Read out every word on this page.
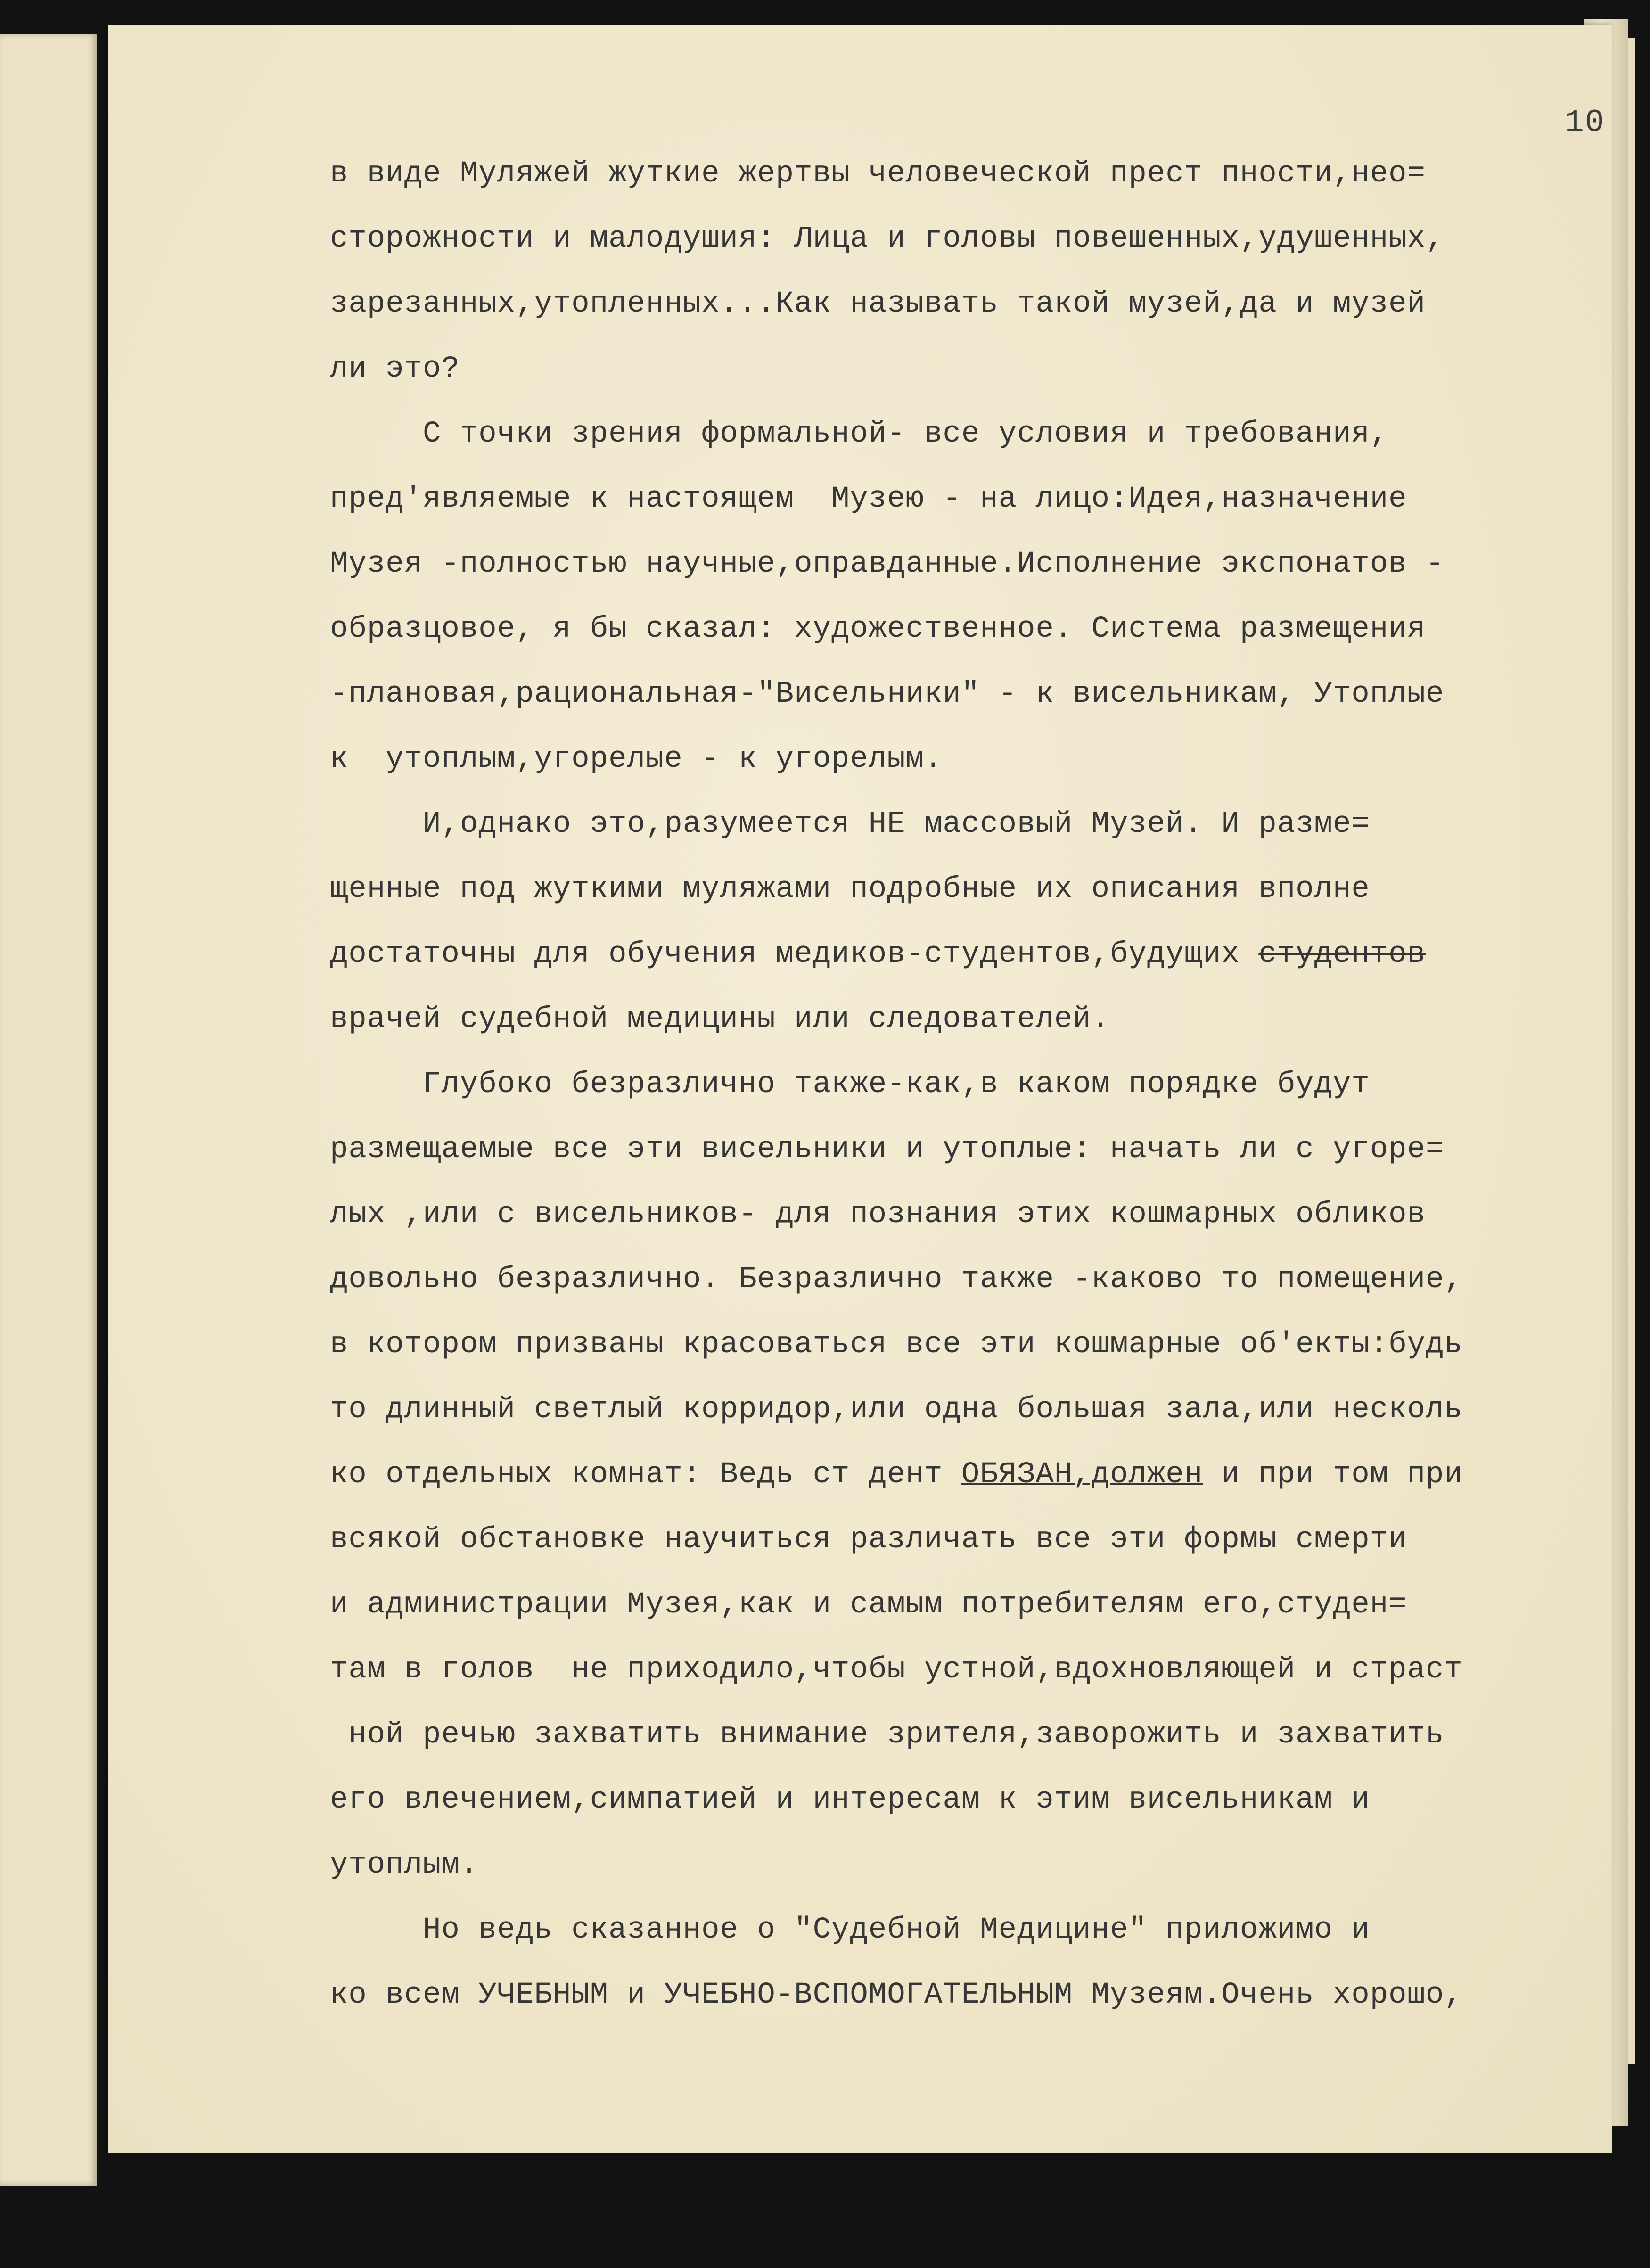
10
в виде Муляжей жуткие жертвы человеческой прест пности,нео=
сторожности и малодушия: Лица и головы повешенных,удушенных,
зарезанных,утопленных...Как называть такой музей,да и музей
ли это?
С точки зрения формальной- все условия и требования,
пред'являемые к настоящем  Музею - на лицо:Идея,назначение
Музея -полностью научные,оправданные.Исполнение экспонатов -
образцовое, я бы сказал: художественное. Система размещения
-плановая,рациональная-"Висельники" - к висельникам, Утоплые
к  утоплым,угорелые - к угорелым.
И,однако это,разумеется НЕ массовый Музей. И разме=
щенные под жуткими муляжами подробные их описания вполне
достаточны для обучения медиков-студентов,будущих студентов
врачей судебной медицины или следователей.
Глубоко безразлично также-как,в каком порядке будут
размещаемые все эти висельники и утоплые: начать ли с угоре=
лых ,или с висельников- для познания этих кошмарных обликов
довольно безразлично. Безразлично также -каково то помещение,
в котором призваны красоваться все эти кошмарные об'екты:будь
то длинный светлый корридор,или одна большая зала,или несколь
ко отдельных комнат: Ведь ст дент ОБЯЗАН,должен и при том при
всякой обстановке научиться различать все эти формы смерти
и администрации Музея,как и самым потребителям его,студен=
там в голов  не приходило,чтобы устной,вдохновляющей и страст
ной речью захватить внимание зрителя,заворожить и захватить
его влечением,симпатией и интересам к этим висельникам и
утоплым.
Но ведь сказанное о "Судебной Медицине" приложимо и
ко всем УЧЕБНЫМ и УЧЕБНО-ВСПОМОГАТЕЛЬНЫМ Музеям.Очень хорошо,
